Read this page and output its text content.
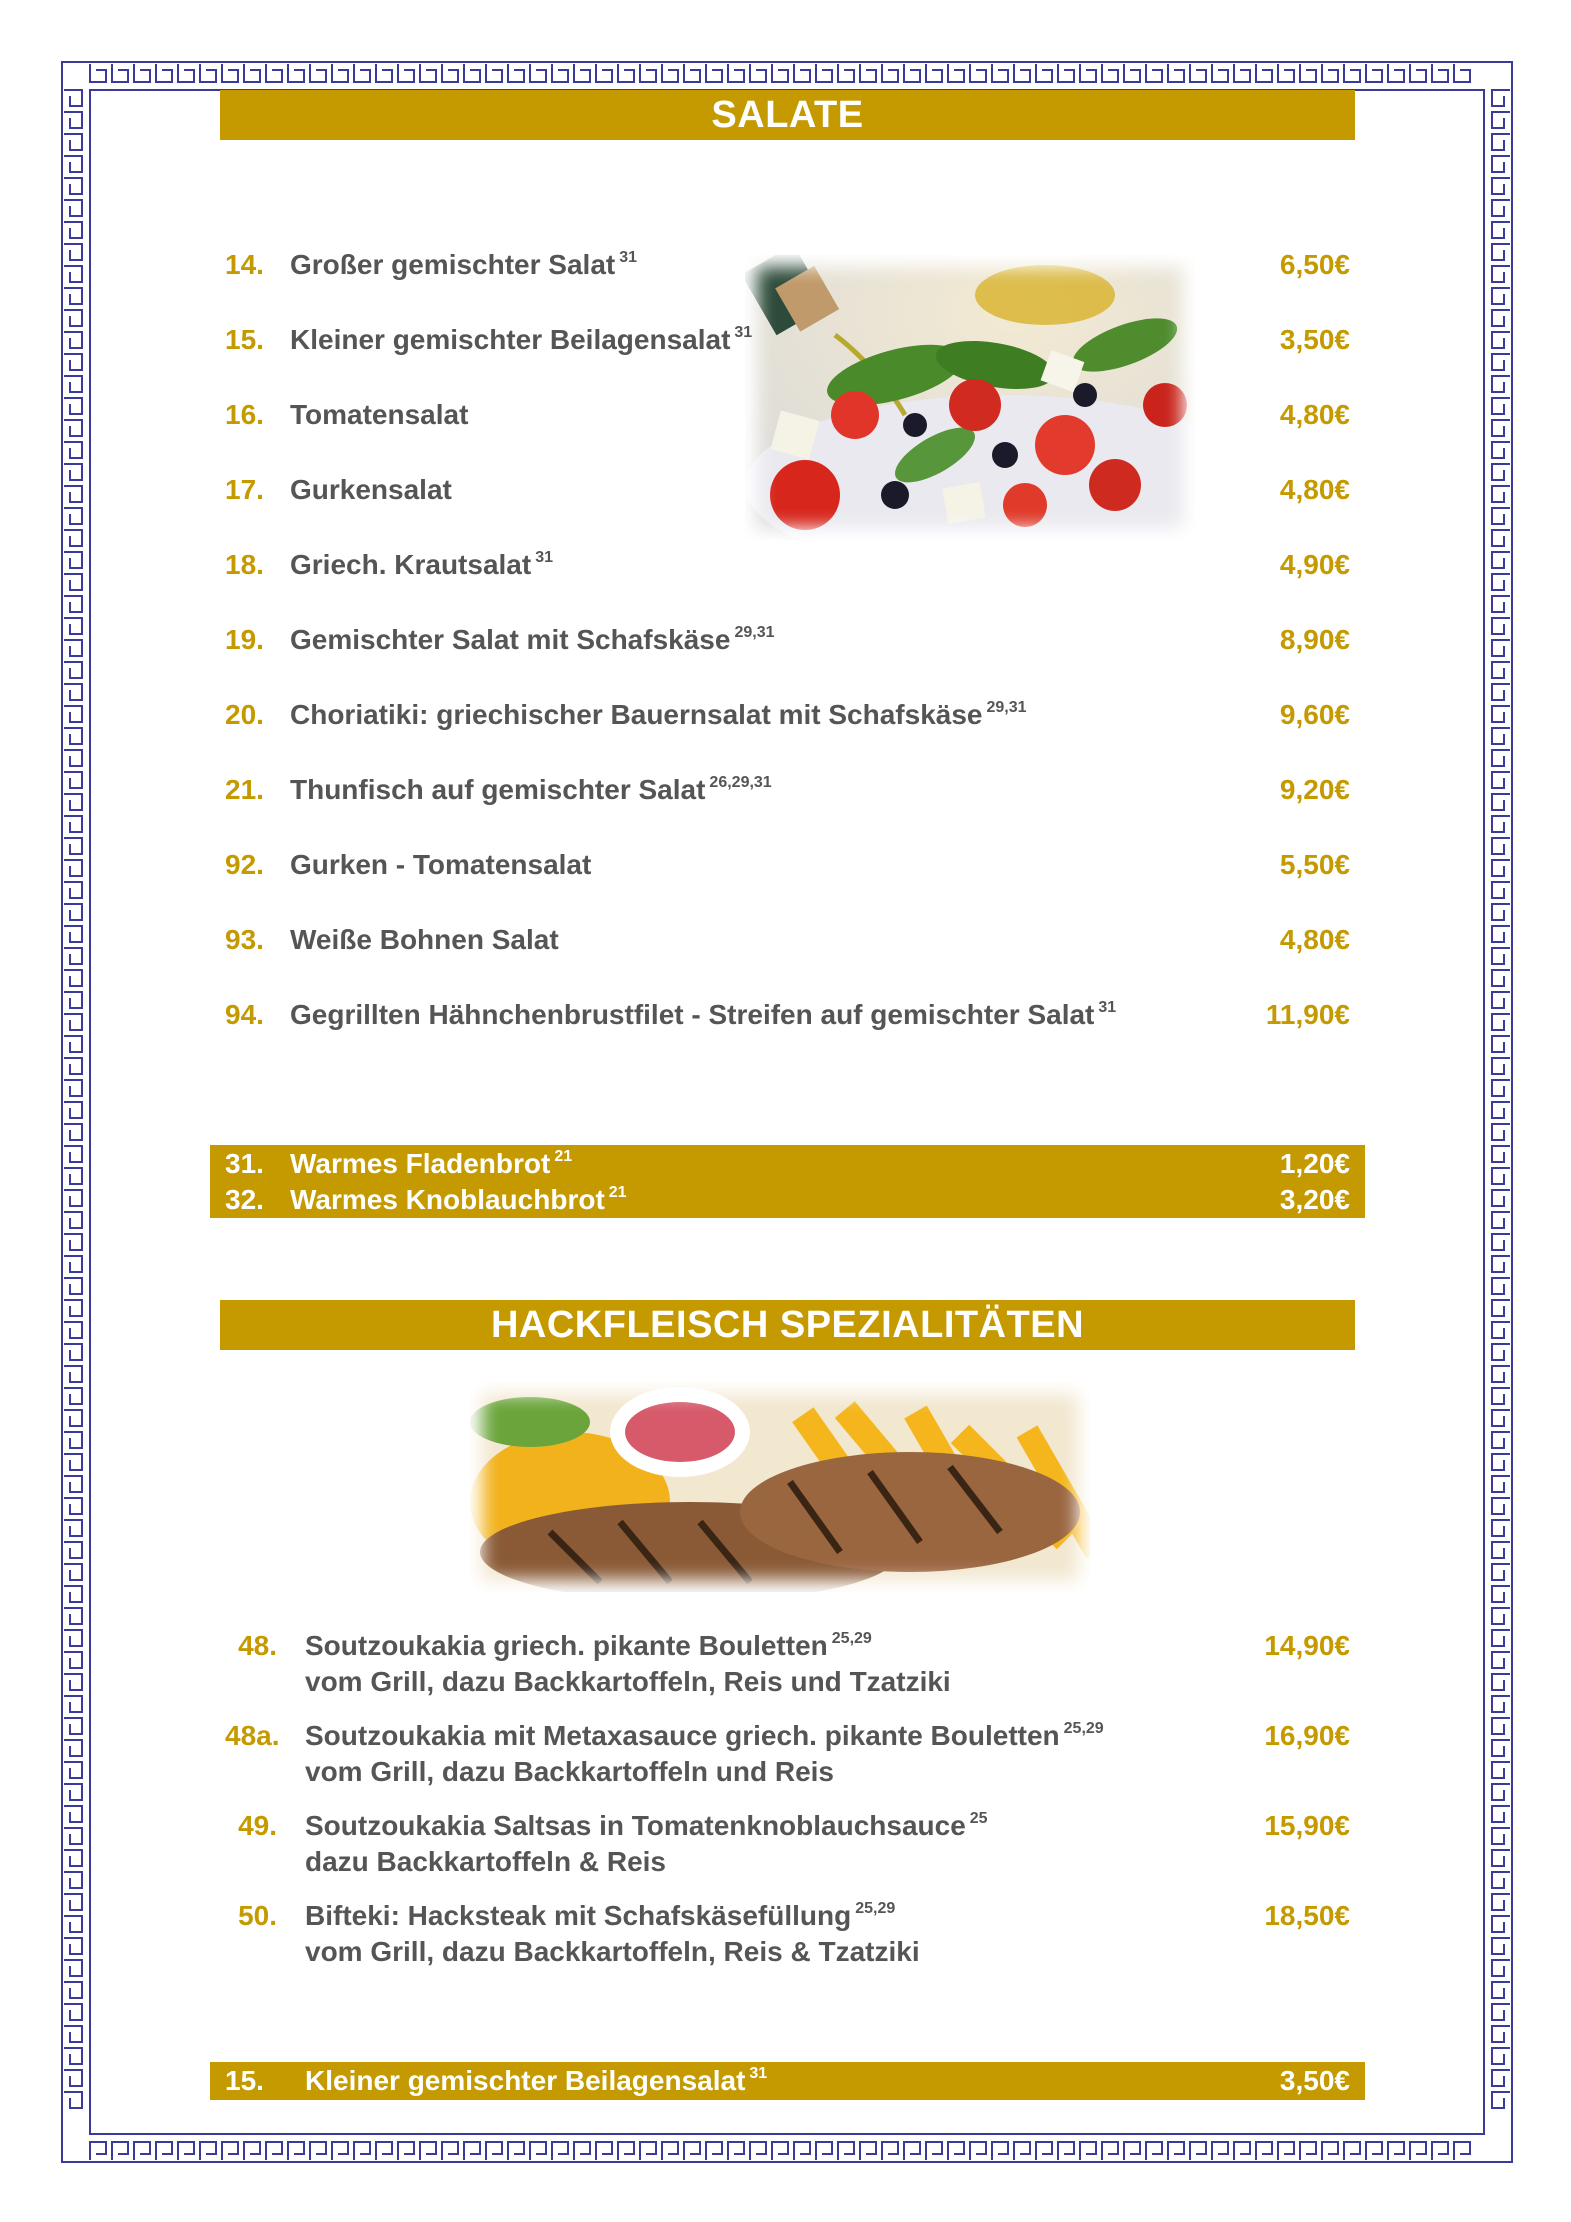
SALATE
14. Großer gemischter Salat $^{31}$	6,50€
15. Kleiner gemischter Beilagensalat $^{31}$	3,50€
16. Tomatensalat	4,80€
17. Gurkensalat	4,80€
18. Griech. Krautsalat $^{31}$	4,90€
19. Gemischter Salat mit Schafskäse $^{29,31}$	8,90€
20. Choriatiki: griechischer Bauernsalat mit Schafskäse $^{29,31}$	9,60€
21. Thunfisch auf gemischter Salat $^{26,29,31}$	9,20€
92. Gurken - Tomatensalat	5,50€
93. Weiße Bohnen Salat	4,80€
94. Gegrillten Hähnchenbrustfilet - Streifen auf gemischter Salat $^{31}$	11,90€
31. Warmes Fladenbrot $^{21}$	1,20€
32. Warmes Knoblauchbrot $^{21}$	3,20€
HACKFLEISCH SPEZIALITÄTEN
48. Soutzoukakia griech. pikante Bouletten $^{25,29}$
vom Grill, dazu Backkartoffeln, Reis und Tzatziki
14,90€
48a. Soutzoukakia mit Metaxasauce griech. pikante Bouletten $^{25,29}$
vom Grill, dazu Backkartoffeln und Reis
16,90€
49. Soutzoukakia Saltsas in Tomatenknoblauchsauce $^{25}$
dazu Backkartoffeln & Reis
15,90€
50. Bifteki: Hacksteak mit Schafskäsefüllung $^{25,29}$
vom Grill, dazu Backkartoffeln, Reis & Tzatziki
18,50€
15. Kleiner gemischter Beilagensalat $^{31}$	3,50€
